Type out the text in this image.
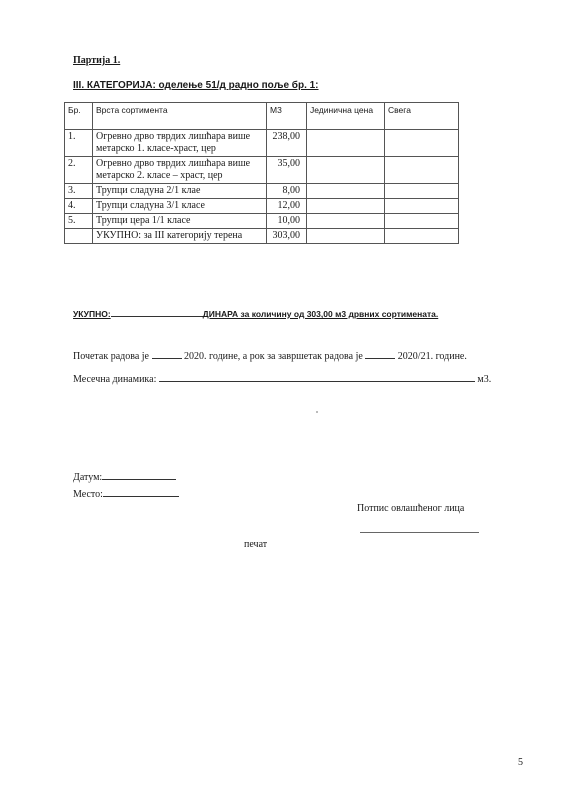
Партија 1.
III. КАТЕГОРИЈА: оделење 51/д радно поље бр. 1:
Бр.	Врста сортимента	М3	Јединична цена	Свега
1.	Огревно дрво тврдих лишћара више метарско 1. класе-храст, цер	238,00		
2.	Огревно дрво тврдих лишћара више метарско 2. класе – храст, цер	35,00		
3.	Трупци сладуна 2/1 клае	8,00		
4.	Трупци сладуна 3/1 класе	12,00		
5.	Трупци цера 1/1 класе	10,00		
	УКУПНО: за III категорију терена	303,00		
УКУПНО:	ДИНАРА за количину од 303,00 м3 дрвних сортимената.
Почетак радова је	2020. године, а рок за завршетак радова је	2020/21. године.
Месечна динамика:	м3.
Датум:
Место:
Потпис овлашћеног лица
печат
5
